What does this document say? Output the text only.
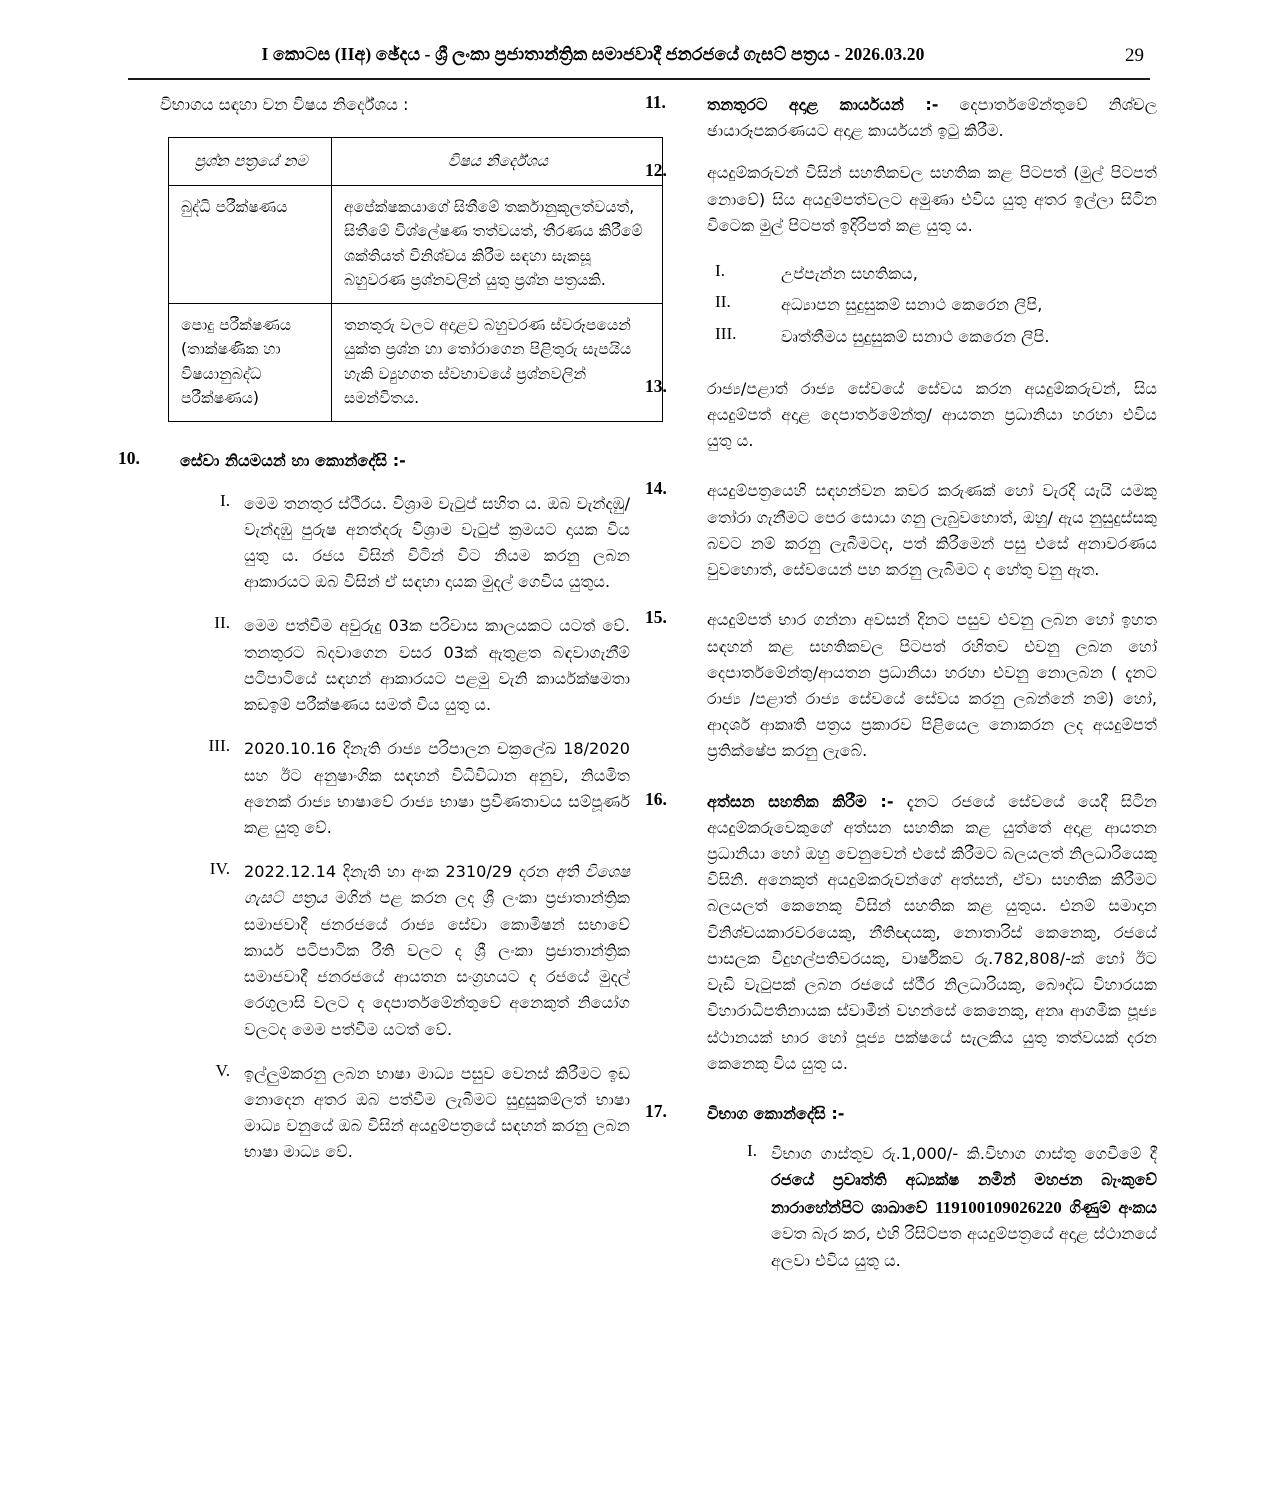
I කොටස (IIඅ) ඡේදය - ශ්‍රී ලංකා ප්‍රජාතාන්ත්‍රික සමාජවාදී ජනරජයේ ගැසට් පත්‍රය - 2026.03.20	29
විභාගය සඳහා වන විෂය නිර්දේශය :
ප්‍රශ්න පත්‍රයේ නම	විෂය නිර්දේශය
බුද්ධි පරීක්ෂණය	අපේක්ෂකයාගේ සිතීමේ තර්කානුකූලත්වයත්, සිතීමේ විශ්ලේෂණ තත්වයත්, තීරණය කිරීමේ ශක්තියත් විනිශ්චය කිරීම සඳහා සැකසූ බහුවරණ ප්‍රශ්නවලින් යුතු ප්‍රශ්න පත්‍රයකි.
පොදු පරීක්ෂණය (තාක්ෂණික හා විෂයානුබද්ධ පරීක්ෂණය)	තනතුරු වලට අදාළව බහුවරණ ස්වරූපයෙන් යුක්ත ප්‍රශ්න හා තෝරාගෙන පිළිතුරු සැපයිය හැකි ව්‍යුහගත ස්වභාවයේ ප්‍රශ්නවලින් සමන්විතය.
10.	සේවා නියමයන් හා කොන්දේසි :-
I. මෙම තනතුර ස්ථීරය. විශ්‍රාම වැටුප් සහිත ය. ඔබ වැන්දඹු/වැන්දඹු පුරුෂ අනත්දරු විශ්‍රාම වැටුප් ක්‍රමයට දායක විය යුතු ය. රජය විසින් විටින් විට නියම කරනු ලබන ආකාරයට ඔබ විසින් ඒ සඳහා දායක මුදල් ගෙවිය යුතුය.
II. මෙම පත්වීම අවුරුදු 03ක පරිවාස කාලයකට යටත් වේ. තනතුරට බදවාගෙන වසර 03ක් ඇතුළත බඳවාගැනීම් පටිපාටියේ සඳහන් ආකාරයට පළමු වැනි කාර්යක්ෂමතා කඩඉම් පරීක්ෂණය සමත් විය යුතු ය.
III. 2020.10.16 දිනැති රාජ්‍ය පරිපාලන චක්‍රලේඛ 18/2020 සහ ඊට අනුෂාංගික සඳහන් විධිවිධාන අනුව, නියමිත අනෙක් රාජ්‍ය භාෂාවේ රාජ්‍ය භාෂා ප්‍රවීණතාවය සම්පූර්ණ කළ යුතු වේ.
IV. 2022.12.14 දිනැති හා අංක 2310/29 දරන අති විශෙෂ ගැසට් පත්‍රය මගින් පළ කරන ලද ශ්‍රී ලංකා ප්‍රජාතාන්ත්‍රික සමාජවාදී ජනරජයේ රාජ්‍ය සේවා කොමිෂන් සභාවේ කාර්ය පටිපාටික රීති වලට ද ශ්‍රී ලංකා ප්‍රජාතාන්ත්‍රික සමාජවාදී ජනරජයේ ආයතන සංග්‍රහයට ද රජයේ මුදල් රෙගුලාසි වලට ද දෙපාර්තමේන්තුවේ අනෙකුත් නියෝග වලටද මෙම පත්වීම යටත් වේ.
V. ඉල්ලුම්කරනු ලබන භාෂා මාධ්‍ය පසුව වෙනස් කිරීමට ඉඩ නොදෙන අතර ඔබ පත්වීම ලැබීමට සුදුසුකම්ලත් භාෂා මාධ්‍ය වනුයේ ඔබ විසින් අයදුම්පත්‍රයේ සඳහන් කරනු ලබන භාෂා මාධ්‍ය වේ.
11.	තනතුරට අදාළ කාර්යයන් :- දෙපාර්තමේන්තුවේ නිශ්චල ඡායාරූපකරණයට අදාළ කාර්යයන් ඉටු කිරීම.
12.	අයදුම්කරුවන් විසින් සහතිකවල සහතික කළ පිටපත් (මුල් පිටපත් නොවේ) සිය අයදුම්පත්වලට අමුණා එවිය යුතු අතර ඉල්ලා සිටින විටෙක මුල් පිටපත් ඉදිරිපත් කළ යුතු ය.
I.	උප්පැන්න සහතිකය,
II.	අධ්‍යාපන සුදුසුකම් සනාථ කෙරෙන ලිපි,
III.	වෘත්තීමය සුදුසුකම් සනාථ කෙරෙන ලිපි.
13.	රාජ්‍ය/පළාත් රාජ්‍ය සේවයේ සේවය කරන අයදුම්කරුවන්, සිය අයදුම්පත් අදාළ දෙපාර්තමේන්තු/ ආයතන ප්‍රධානියා හරහා එවිය යුතු ය.
14.	අයදුම්පත්‍රයෙහි සඳහන්වන කවර කරුණක් හෝ වැරදි යැයි යමකු තෝරා ගැනීමට පෙර සොයා ගනු ලැබුවහොත්, ඔහු/ ඇය නුසුදුස්සකු බවට නම් කරනු ලැබීමටද, පත් කිරීමෙන් පසු එසේ අනාවරණය වුවහොත්, සේවයෙන් පහ කරනු ලැබීමට ද හේතු වනු ඇත.
15.	අයදුම්පත් භාර ගන්නා අවසන් දිනට පසුව එවනු ලබන හෝ ඉහත සඳහන් කළ සහතිකවල පිටපත් රහිතව එවනු ලබන හෝ දෙපාර්තමේන්තු/ආයතන ප්‍රධානියා හරහා එවනු නොලබන ( දැනට රාජ්‍ය /පළාත් රාජ්‍ය සේවයේ සේවය කරනු ලබන්නේ නම්) හෝ, ආදර්ශ ආකෘති පත්‍රය ප්‍රකාරව පිළියෙල නොකරන ලද අයදුම්පත් ප්‍රතික්ෂේප කරනු ලැබේ.
16.	අත්සන සහතික කිරීම :- දැනට රජයේ සේවයේ යෙදී සිටින අයදුම්කරුවෙකුගේ අත්සන සහතික කළ යුත්තේ අදාළ ආයතන ප්‍රධානියා හෝ ඔහු වෙනුවෙන් එසේ කිරීමට බලයලත් නිලධාරියෙකු විසිනි. අනෙකුත් අයදුම්කරුවන්ගේ අත්සන්, ඒවා සහතික කිරීමට බලයලත් කෙනෙකු විසින් සහතික කළ යුතුය. එනම් සමාදාන විනිශ්චයකාරවරයෙකු, නීතිඥයකු, නොතාරිස් කෙනෙකු, රජයේ පාසලක විදුහල්පතිවරයකු, වාර්ෂිකව රු.782,808/-ක් හෝ ඊට වැඩි වැටුපක් ලබන රජයේ ස්ථීර නිලධාරියකු, බෞද්ධ විහාරයක විහාරාධිපතිනායක ස්වාමීන් වහන්සේ කෙනෙකු, අනෘ ආගමික පූජ්‍ය ස්ථානයක් භාර හෝ පූජ්‍ය පක්ෂයේ සැලකිය යුතු තත්වයක් දරන කෙනෙකු විය යුතු ය.
17.	විභාග කොන්දේසි :-
I. විභාග ගාස්තුව රු.1,000/- කි.විභාග ගාස්තු ගෙවීමේ දී රජයේ ප්‍රවෘත්ති අධ්‍යක්ෂ නමින් මහජන බැංකුවේ නාරාහේන්පිට ශාඛාවේ 119100109026220 ගිණුම් අංකය වෙත බැර කර, එහි රිසිට්පත අයදුම්පත්‍රයේ අදාළ ස්ථානයේ අලවා එවිය යුතු ය.
